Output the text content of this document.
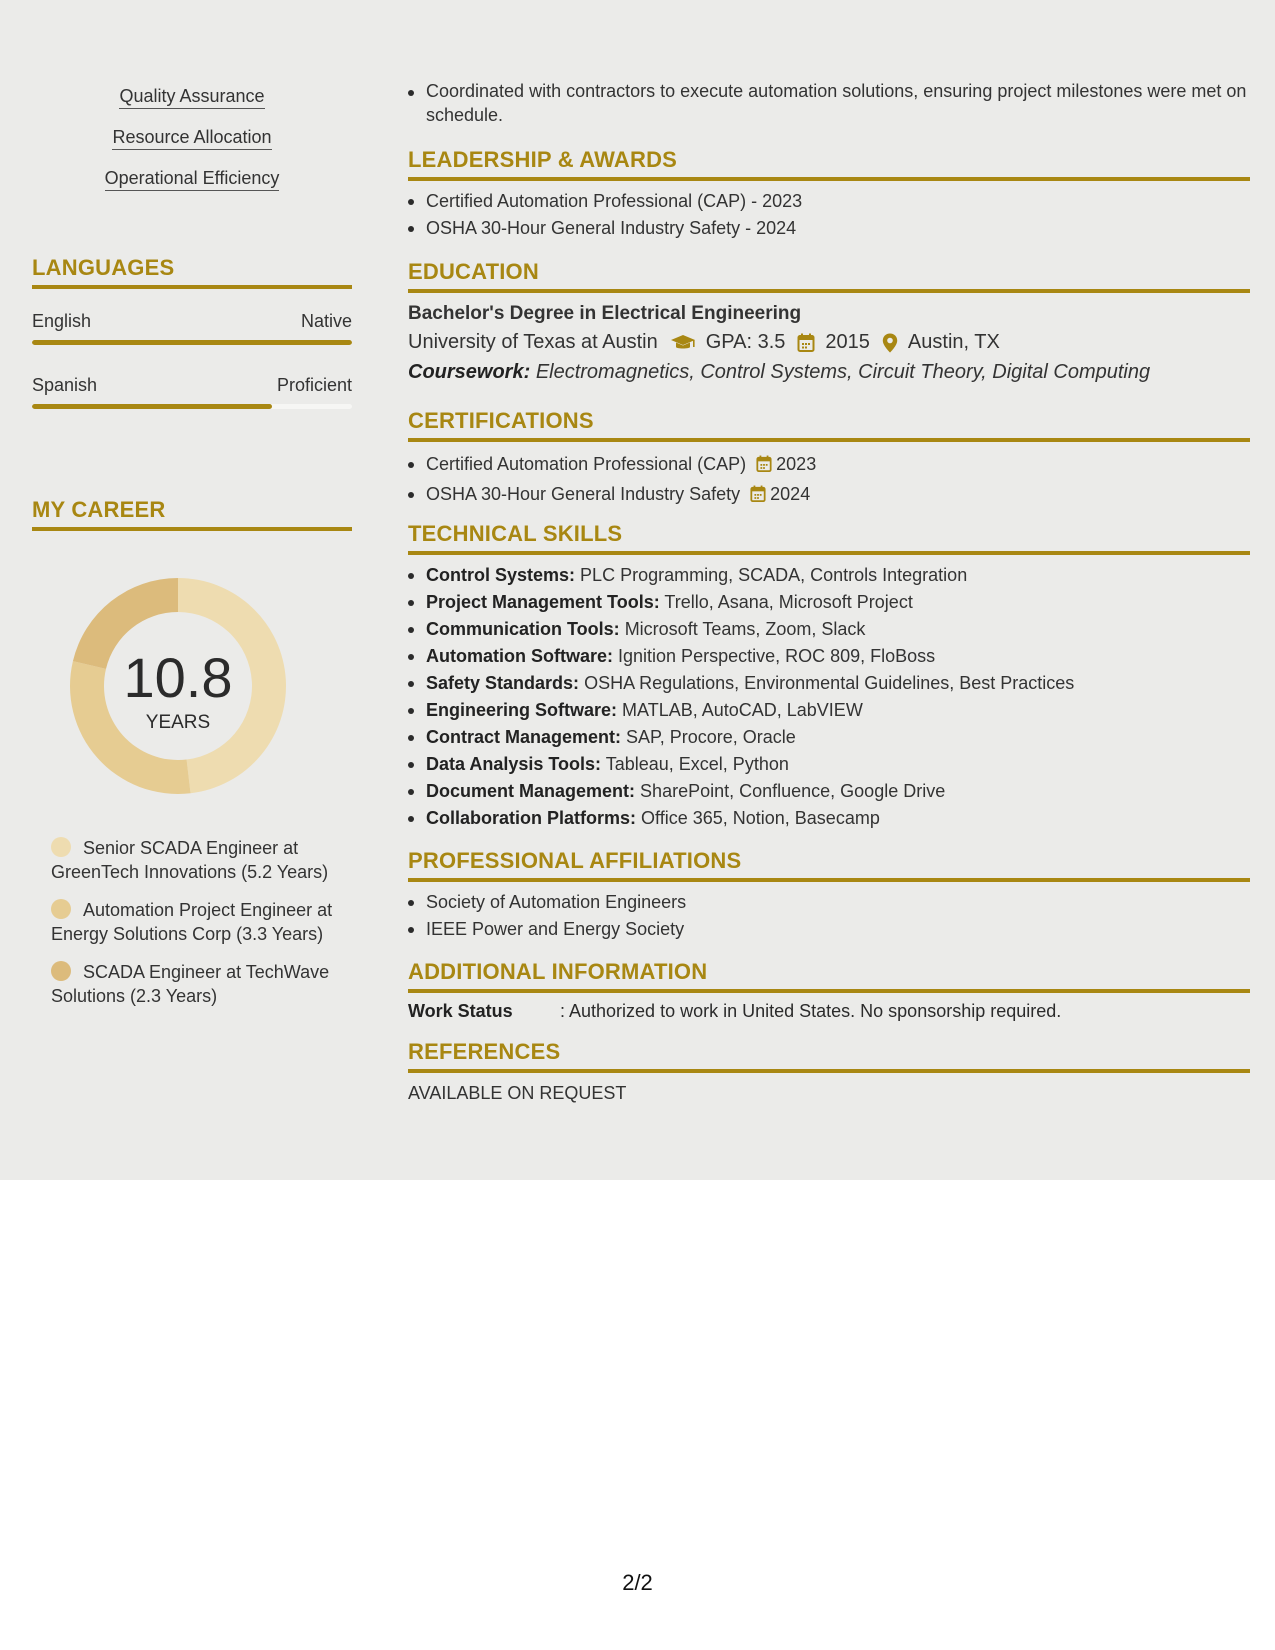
Quality Assurance
Resource Allocation
Operational Efficiency
LANGUAGES
English	Native
Spanish	Proficient
MY CAREER
10.8
YEARS
Senior SCADA Engineer at GreenTech Innovations (5.2 Years)
Automation Project Engineer at Energy Solutions Corp (3.3 Years)
SCADA Engineer at TechWave Solutions (2.3 Years)
Coordinated with contractors to execute automation solutions, ensuring project milestones were met on schedule.
LEADERSHIP & AWARDS
Certified Automation Professional (CAP) - 2023
OSHA 30-Hour General Industry Safety - 2024
EDUCATION
Bachelor's Degree in Electrical Engineering
University of Texas at Austin GPA: 3.5 2015 Austin, TX
Coursework: Electromagnetics, Control Systems, Circuit Theory, Digital Computing
CERTIFICATIONS
Certified Automation Professional (CAP) 2023
OSHA 30-Hour General Industry Safety 2024
TECHNICAL SKILLS
Control Systems: PLC Programming, SCADA, Controls Integration
Project Management Tools: Trello, Asana, Microsoft Project
Communication Tools: Microsoft Teams, Zoom, Slack
Automation Software: Ignition Perspective, ROC 809, FloBoss
Safety Standards: OSHA Regulations, Environmental Guidelines, Best Practices
Engineering Software: MATLAB, AutoCAD, LabVIEW
Contract Management: SAP, Procore, Oracle
Data Analysis Tools: Tableau, Excel, Python
Document Management: SharePoint, Confluence, Google Drive
Collaboration Platforms: Office 365, Notion, Basecamp
PROFESSIONAL AFFILIATIONS
Society of Automation Engineers
IEEE Power and Energy Society
ADDITIONAL INFORMATION
Work Status	: Authorized to work in United States. No sponsorship required.
REFERENCES
AVAILABLE ON REQUEST
2/2
